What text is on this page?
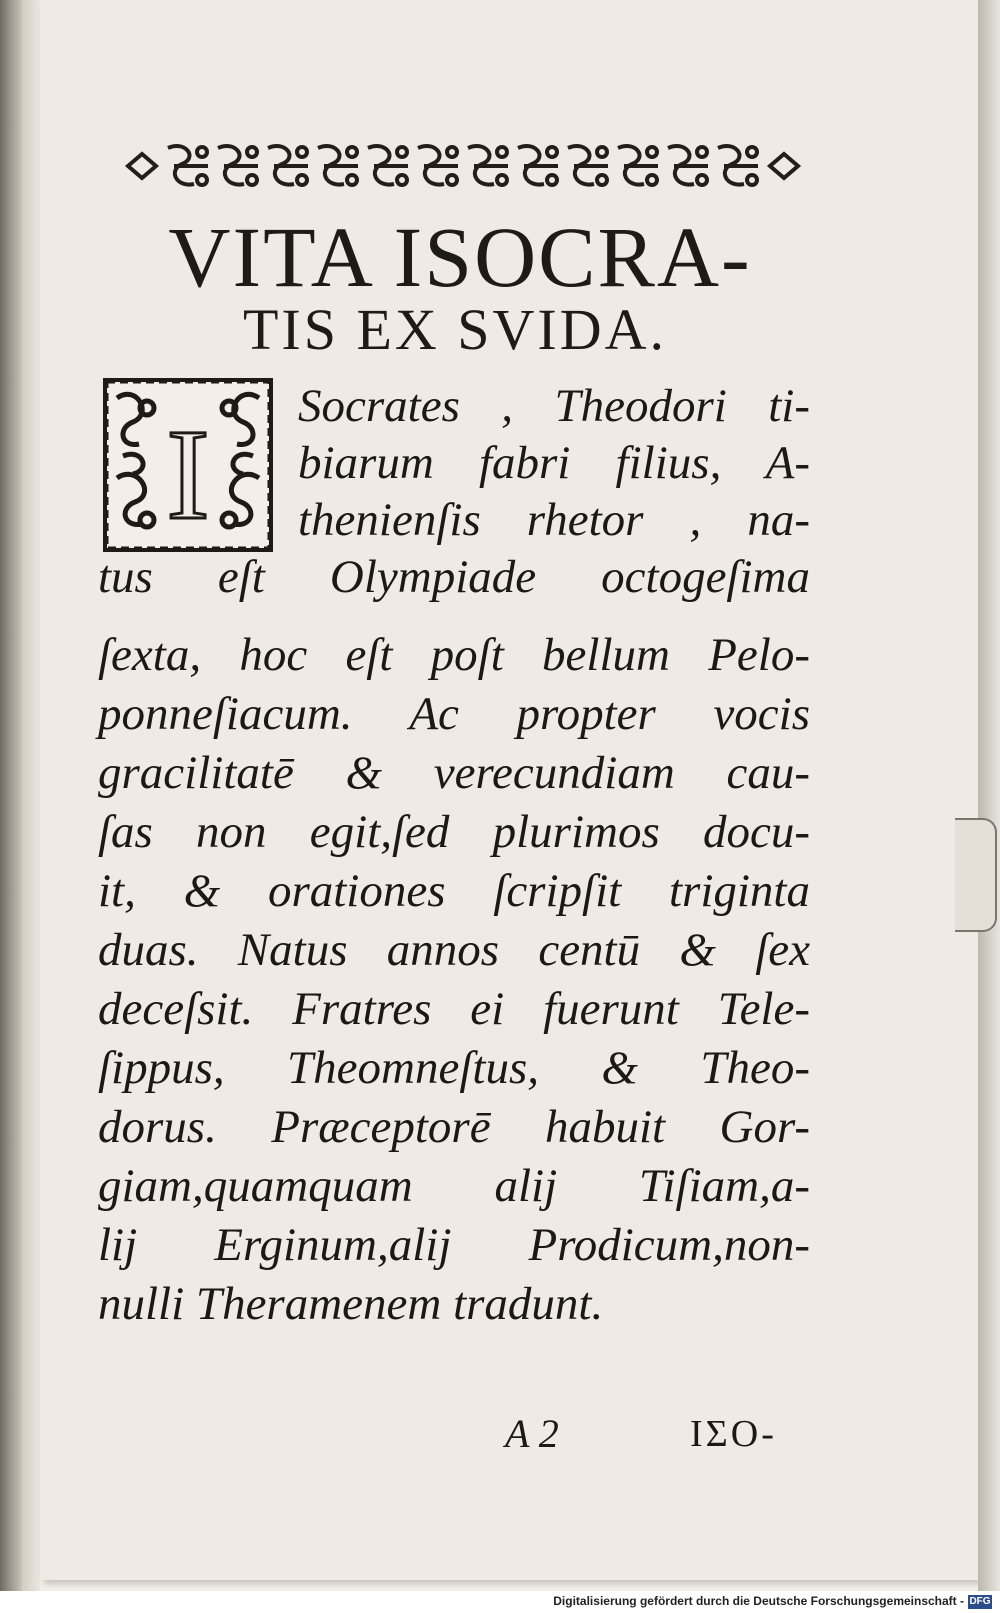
VITA ISOCRA-
TIS EX SVIDA.
I Socrates , Theodori ti-
biarum fabri filius, A-
thenienſis rhetor , na-
tus eſt Olympiade octogeſima
ſexta, hoc eſt poſt bellum Pelo-
ponneſiacum. Ac propter vocis
gracilitatē & verecundiam cau-
ſas non egit,ſed plurimos docu-
it, & orationes ſcripſit triginta
duas. Natus annos centū & ſex
deceſsit. Fratres ei fuerunt Tele-
ſippus, Theomneſtus, & Theo-
dorus. Præceptorē habuit Gor-
giam,quamquam alij Tiſiam,a-
lij Erginum,alij Prodicum,non-
nulli Theramenem tradunt.
A 2	ΙΣΟ-
Digitalisierung gefördert durch die Deutsche Forschungsgemeinschaft - DFG
